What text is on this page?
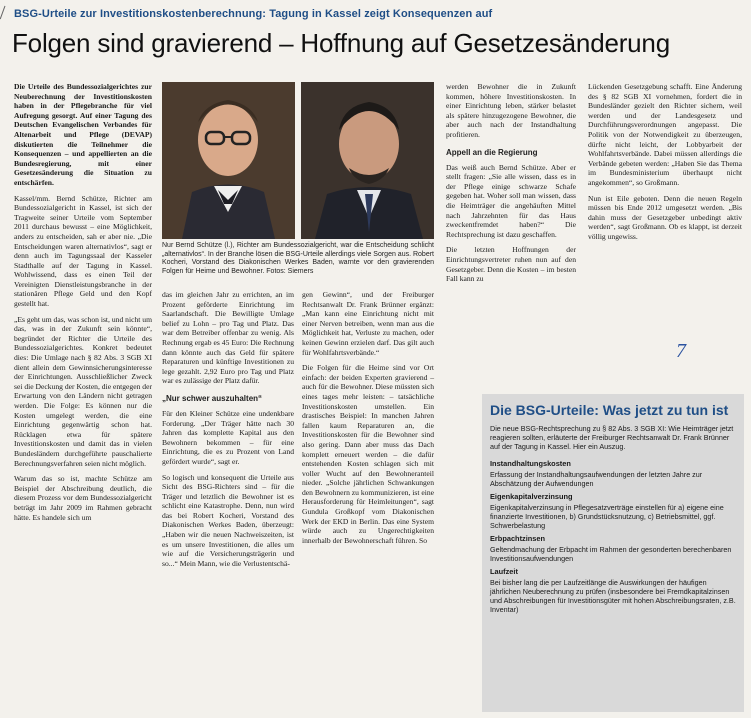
BSG-Urteile zur Investitionskostenberechnung: Tagung in Kassel zeigt Konsequenzen auf
Folgen sind gravierend – Hoffnung auf Gesetzesänderung

Die Urteile des Bundessozialgerichtes zur Neuberechnung der Investitionskosten haben in der Pflegebranche für viel Aufregung gesorgt. Auf einer Tagung des Deutschen Evangelischen Verbandes für Altenarbeit und Pflege (DEVAP) diskutierten die Teilnehmer die Konsequenzen – und appellierten an die Bundesregierung, mit einer Gesetzesänderung die Situation zu entschärfen.

Kassel/mm. Bernd Schütze, Richter am Bundessozialgericht in Kassel, ist sich der Tragweite seiner Urteile vom September 2011 durchaus bewusst – eine Möglichkeit, anders zu entscheiden, sah er aber nie. „Die Entscheidungen waren alternativlos“, sagt er denn auch im Tagungssaal der Kasseler Stadthalle auf der Tagung in Kassel. Wohlwissend, dass es einen Teil der Vereinigten Dienstleistungsbranche in der stationären Pflege Geld und den Kopf gestellt hat.

„Es geht um das, was schon ist, und nicht um das, was in der Zukunft sein könnte“, begründet der Richter die Urteile des Bundessozialgerichtes. Konkret bedeutet dies: Die Umlage nach § 82 Abs. 3 SGB XI dient allein dem Gewinnsicherungsinteresse der Einrichtungen. Ausschließlicher Zweck sei die Deckung der Kosten, die entgegen der Erwartung von den Ländern nicht getragen werden. Die Folge: Es können nur die Kosten umgelegt werden, die eine Einrichtung gegenwärtig schon hat. Rücklagen etwa für spätere Investitionskosten und damit das in vielen Bundesländern durchgeführte pauschalierte Berechnungsverfahren seien nicht möglich.

Warum das so ist, machte Schütze am Beispiel der Abschreibung deutlich, die diesem Prozess vor dem Bundessozialgericht beträgt im Jahr 2009 im Rahmen gebracht hätte. Es handele sich um

Nur Bernd Schütze (l.), Richter am Bundessozialgericht, war die Entscheidung schlicht „alternativlos“. In der Branche lösen die BSG-Urteile allerdings viele Sorgen aus. Robert Kocheri, Vorstand des Diakonischen Werkes Baden, warnte vor den gravierenden Folgen für Heime und Bewohner. Fotos: Siemers

das im gleichen Jahr zu errichten, an im Prozent geförderte Einrichtung im Saarlandschaft. Die Bewilligte Umlage belief zu Lohn – pro Tag und Platz. Das war dem Betreiber offenbar zu wenig. Als Rechnung ergab es 45 Euro: Die Rechnung dann könnte auch das Geld für spätere Reparaturen und künftige Investitionen zu lege gezahlt. 2,92 Euro pro Tag und Platz war es zulässige der Platz dafür.

„Nur schwer auszuhalten“

Für den Kleiner Schütze eine undenkbare Forderung. „Der Träger hätte nach 30 Jahren das komplette Kapital aus den Bewohnern bekommen – für eine Einrichtung, die es zu Prozent von Land gefördert wurde“, sagt er.

So logisch und konsequent die Urteile aus Sicht des BSG-Richters sind – für die Träger und letztlich die Bewohner ist es schlicht eine Katastrophe. Denn, nun wird das bei Robert Kocheri, Vorstand des Diakonischen Werkes Baden, überzeugt: „Haben wir die neuen Nachweiszeiten, ist es um unsere Investitionen, die alles um wie auf die Versicherungsträgerin und so...“ Mein Mann, wie die Verlustentschä-

gen Gewinn“, und der Freiburger Rechtsanwalt Dr. Frank Brünner ergänzt: „Man kann eine Einrichtung nicht mit einer Nerven betreiben, wenn man aus die Möglichkeit hat, Verluste zu machen, oder keinen Gewinn erzielen darf. Das gilt auch für Wohlfahrtsverbände.“

Die Folgen für die Heime sind vor Ort einfach: der beiden Experten gravierend – auch für die Bewohner. Diese müssten sich eines tages mehr leisten: – tatsächliche Investitionskosten umstellen. Ein drastisches Beispiel: In manchen Jahren fallen kaum Reparaturen an, die Investitionskosten für die Bewohner sind also gering. Dann aber muss das Dach komplett erneuert werden – die dafür entstehenden Kosten schlagen sich mit voller Wucht auf den Bewohneranteil nieder. „Solche jährlichen Schwankungen den Bewohnern zu kommunizieren, ist eine Herausforderung für Heimleitungen“, sagt Gundula Großkopf vom Diakonischen Werk der EKD in Berlin. Das eine System würde auch zu Ungerechtigkeiten innerhalb der Bewohnerschaft führen. So

werden Bewohner die in Zukunft kommen, höhere Investitionskosten. In einer Einrichtung leben, stärker belastet als spätere hinzugezogene Bewohner, die aber auch nach der Instandhaltung profitieren.

Appell an die Regierung

Das weiß auch Bernd Schütze. Aber er stellt fragen: „Sie alle wissen, dass es in der Pflege einige schwarze Schafe gegeben hat. Woher soll man wissen, dass die Heimträger die angehäuften Mittel nach Jahrzehnten für das Haus zweckentfremdet haben?“ Die Rechtsprechung ist dazu geschaffen.

Die letzten Hoffnungen der Einrichtungsvertreter ruhen nun auf den Gesetzgeber. Denn die Kosten – im besten Fall kann zu

Lückenden Gesetzgebung schafft. Eine Änderung des § 82 SGB XI vornehmen, fordert die in Bundesländer gezielt den Richter sichern, weil werden und der Landesgesetz und Durchführungsverordnungen angepasst. Die Politik von der Notwendigkeit zu überzeugen, dürfte nicht leicht, der Lobbyarbeit der Wohlfahrtsverbände. Dabei müssen allerdings die Verbände gebeten werden: „Haben Sie das Thema im Bundesministerium überhaupt nicht angekommen“, so Großmann.

Nun ist Eile geboten. Denn die neuen Regeln müssen bis Ende 2012 umgesetzt werden. „Bis dahin muss der Gesetzgeber unbedingt aktiv werden“, sagt Großmann. Ob es klappt, ist derzeit völlig ungewiss.

7
Die BSG-Urteile: Was jetzt zu tun ist
Die neue BSG-Rechtsprechung zu § 82 Abs. 3 SGB XI: Wie Heimträger jetzt reagieren sollten, erläuterte der Freiburger Rechtsanwalt Dr. Frank Brünner auf der Tagung in Kassel. Hier ein Auszug.
Instandhaltungskosten
Erfassung der Instandhaltungsaufwendungen der letzten Jahre zur Abschätzung der Aufwendungen
Eigenkapitalverzinsung
Eigenkapitalverzinsung in Pflegesatzverträge einstellen für a) eigene eine finanzierte Investitionen, b) Grundstücksnutzung, c) Betriebsmittel, ggf. Schwerbelastung
Erbpachtzinsen
Geltendmachung der Erbpacht im Rahmen der gesonderten berechenbaren Investitionsaufwendungen
Laufzeit
Bei bisher lang die per Laufzeitlänge die Auswirkungen der häufigen jährlichen Neuberechnung zu prüfen (insbesondere bei Fremdkapitalzinsen und Abschreibungen für Investitionsgüter mit hohen Abschreibungsraten, z.B. Inventar)
